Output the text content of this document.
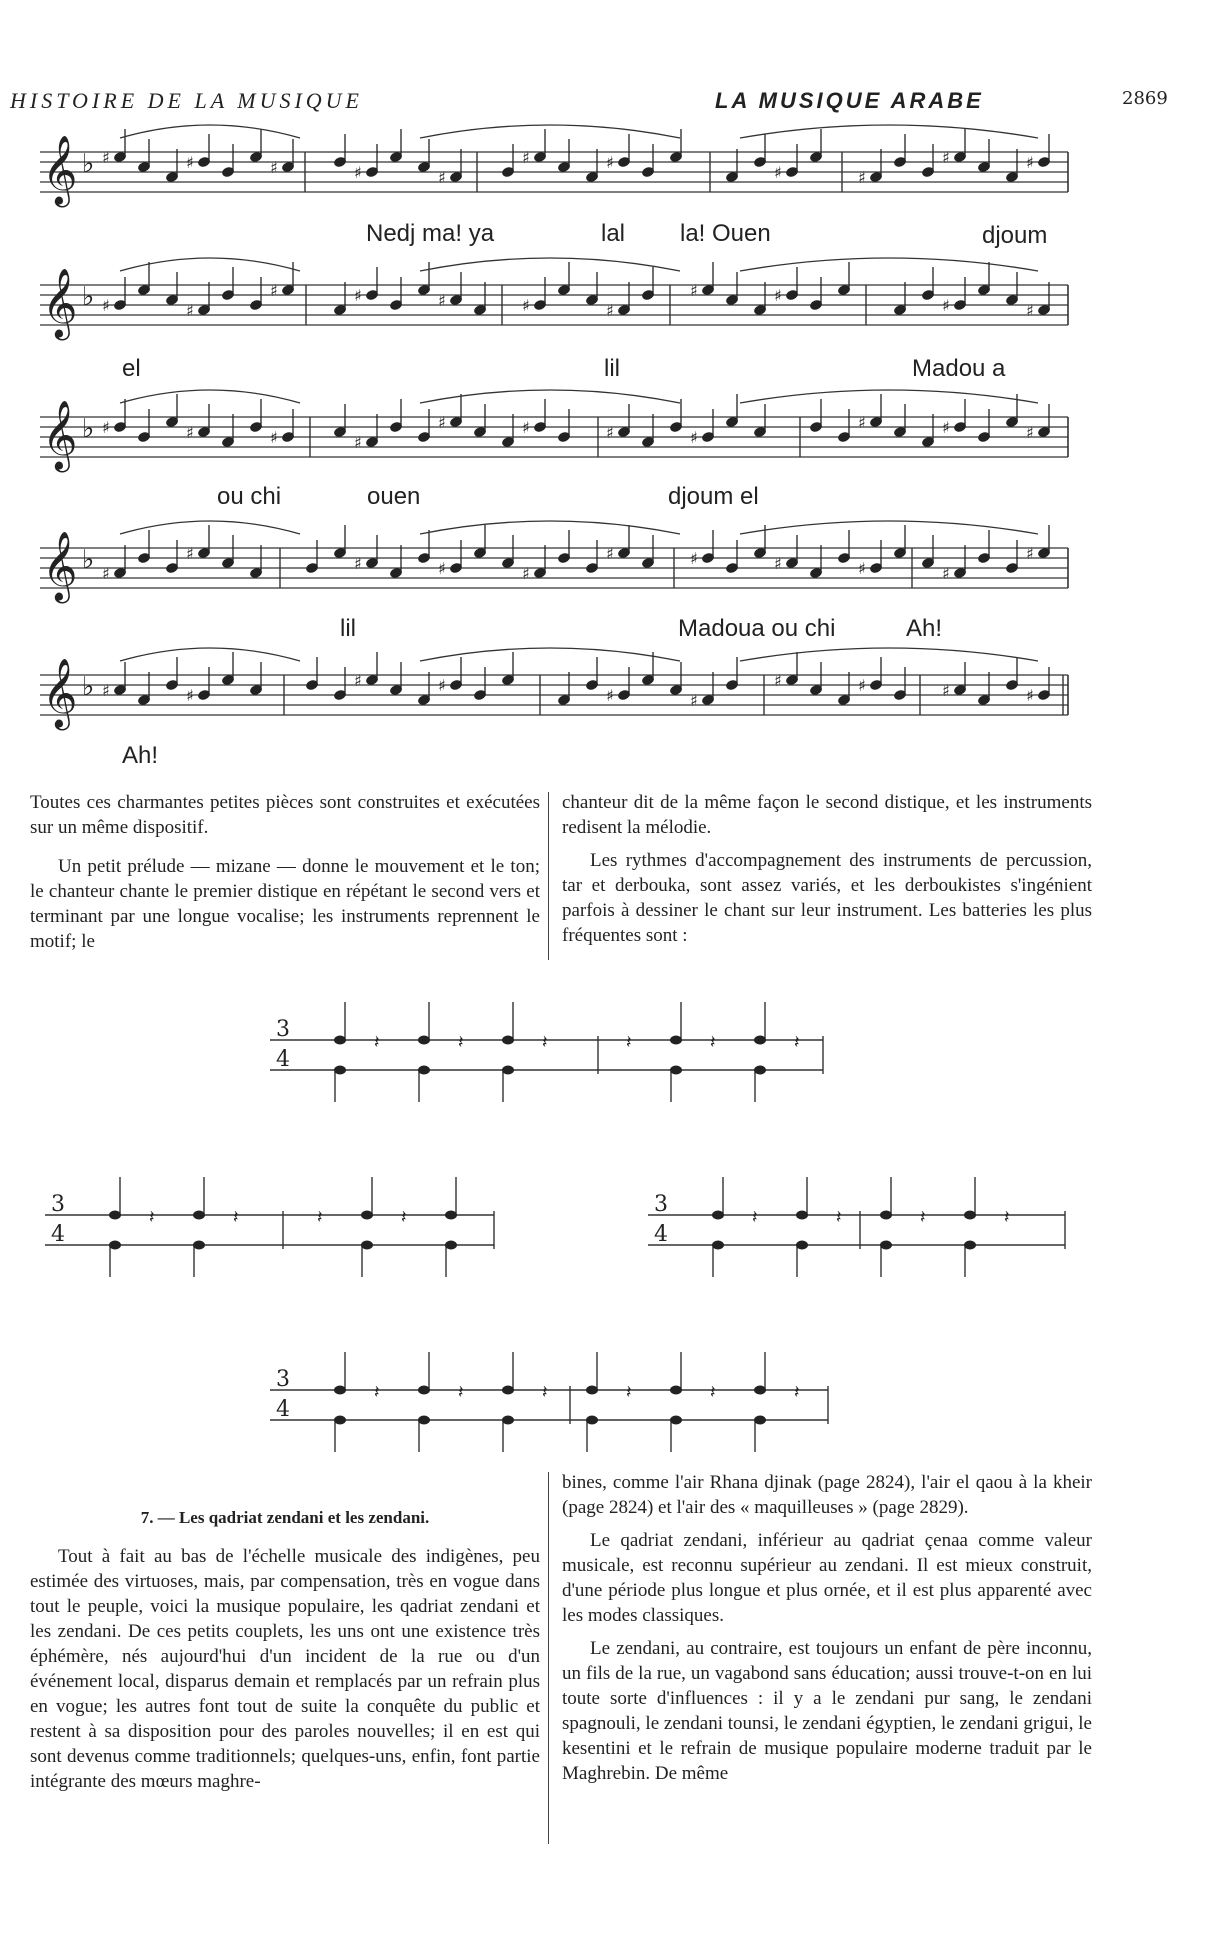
HISTOIRE DE LA MUSIQUE	LA MUSIQUE ARABE	2869
𝄞 ♭ ♯	♯	♯	♯	♯
♯	♯
♯	♯
♯	♯
𝄞 ♭ ♯	♯
♯	♯	♯	♯	♯
♯	♯
♯	♯
𝄞 ♭ ♯	♯	♯	♯
♯	♯	♯	♯
♯	♯	♯
𝄞 ♭ ♯
♯
♯	♯	♯
♯	♯	♯	♯	♯
♯
𝄞 ♭ ♯	♯
♯	♯
♯	♯
♯	♯	♯	♯
𝄽	𝄽	𝄽	𝄽	𝄽	𝄽
𝄽	𝄽	𝄽	𝄽	𝄽	𝄽	𝄽	𝄽
𝄽	𝄽	𝄽	𝄽	𝄽	𝄽
3
4
3
4
3
4
3
4
Nedj ma! ya	lal la! Ouen	djoum
el	lil	Madou a
ou chi	ouen	djoum el
lil	Madoua ou chi	Ah!
Ah!

Toutes ces charmantes petites pièces sont construites et exécutées sur un même dispositif.

Un petit prélude — mizane — donne le mouvement et le ton; le chanteur chante le premier distique en répétant le second vers et terminant par une longue vocalise; les instruments reprennent le motif; le

chanteur dit de la même façon le second distique, et les instruments redisent la mélodie.

Les rythmes d'accompagnement des instruments de percussion, tar et derbouka, sont assez variés, et les derboukistes s'ingénient parfois à dessiner le chant sur leur instrument. Les batteries les plus fréquentes sont :

7. — Les qadriat zendani et les zendani.

Tout à fait au bas de l'échelle musicale des indigènes, peu estimée des virtuoses, mais, par compensation, très en vogue dans tout le peuple, voici la musique populaire, les qadriat zendani et les zendani. De ces petits couplets, les uns ont une existence très éphémère, nés aujourd'hui d'un incident de la rue ou d'un événement local, disparus demain et remplacés par un refrain plus en vogue; les autres font tout de suite la conquête du public et restent à sa disposition pour des paroles nouvelles; il en est qui sont devenus comme traditionnels; quelques-uns, enfin, font partie intégrante des mœurs maghre-

bines, comme l'air Rhana djinak (page 2824), l'air el qaou à la kheir (page 2824) et l'air des « maquilleuses » (page 2829).

Le qadriat zendani, inférieur au qadriat çenaa comme valeur musicale, est reconnu supérieur au zendani. Il est mieux construit, d'une période plus longue et plus ornée, et il est plus apparenté avec les modes classiques.

Le zendani, au contraire, est toujours un enfant de père inconnu, un fils de la rue, un vagabond sans éducation; aussi trouve-t-on en lui toute sorte d'influences : il y a le zendani pur sang, le zendani spagnouli, le zendani tounsi, le zendani égyptien, le zendani grigui, le kesentini et le refrain de musique populaire moderne traduit par le Maghrebin. De même
